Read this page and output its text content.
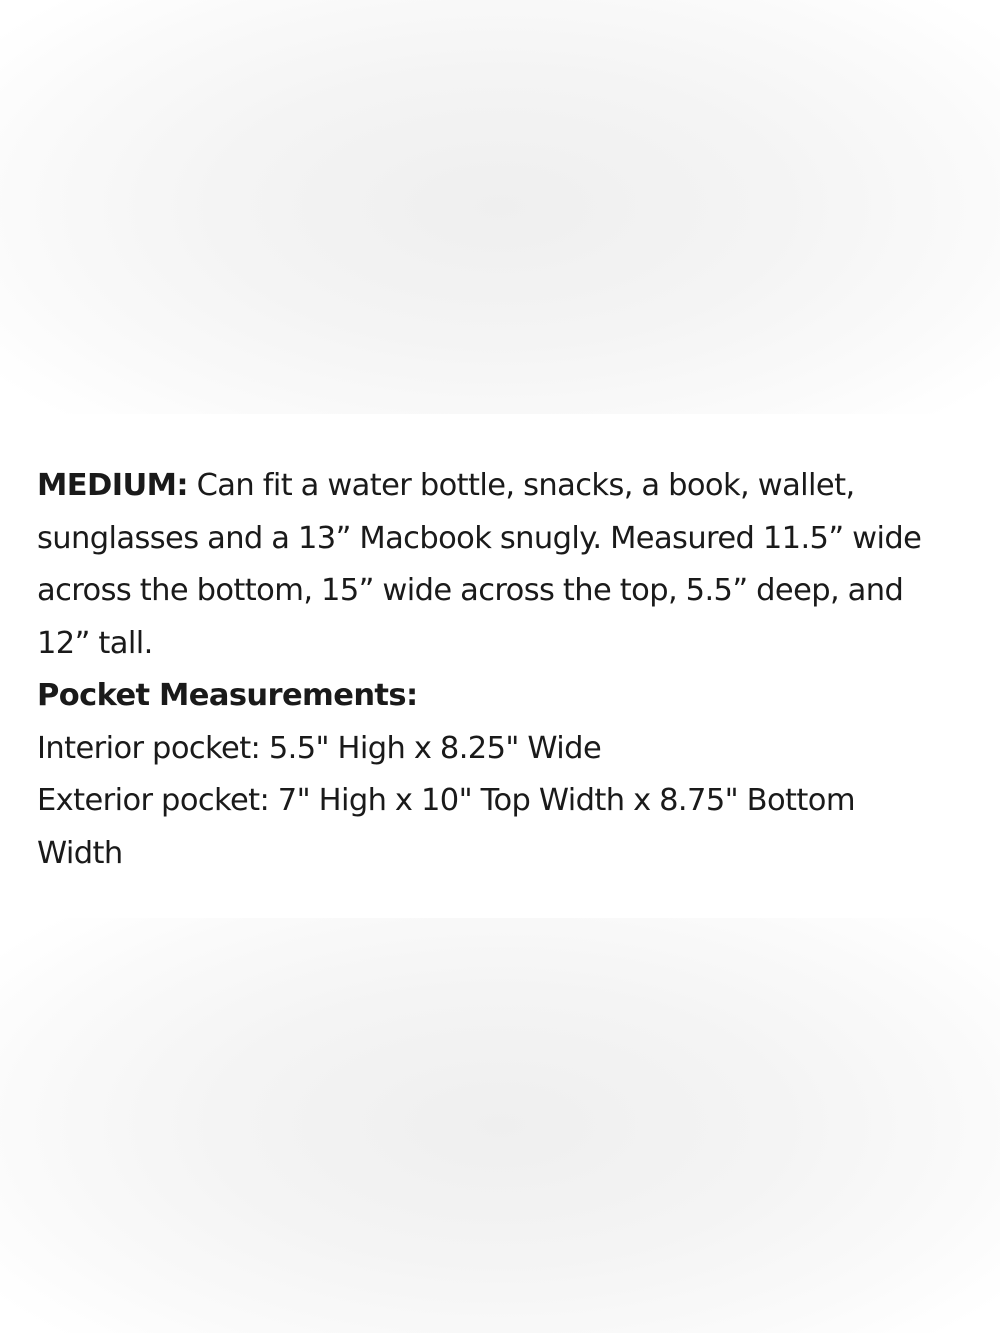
MEDIUM: Can fit a water bottle, snacks, a book, wallet,

sunglasses and a 13” Macbook snugly. Measured 11.5” wide

across the bottom, 15” wide across the top, 5.5” deep, and

12” tall.

Pocket Measurements:

Interior pocket: 5.5" High x 8.25" Wide

Exterior pocket: 7" High x 10" Top Width x 8.75" Bottom

Width
